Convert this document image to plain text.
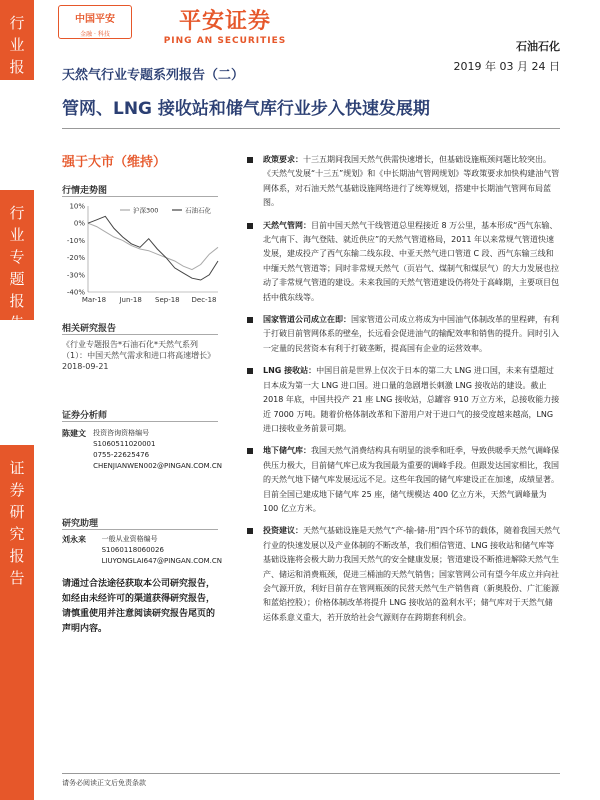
行
业
报
告
行
业
专
题
报
告
证
券
研
究
报
告
中国平安
金融 · 科技
平安证券
PING AN SECURITIES	石油石化
2019 年 03 月 24 日
天然气行业专题系列报告（二）
管网、LNG 接收站和储气库行业步入快速发展期
强于大市（维持）
行情走势图
10%
0%
-10%
-20%
-30%
-40%
Mar-18 Jun-18 Sep-18 Dec-18
沪深300	石油石化
相关研究报告
《行业专题报告*石油石化*天然气系列（1）：中国天然气需求和进口将高速增长》 2018-09-21
证券分析师
陈建文	投资咨询资格编号
S1060511020001
0755-22625476
CHENJIANWEN002@PINGAN.COM.CN
研究助理
刘永来	一般从业资格编号
S1060118060026
LIUYONGLAI647@PINGAN.COM.CN
请通过合法途径获取本公司研究报告，如经由未经许可的渠道获得研究报告，请慎重使用并注意阅读研究报告尾页的声明内容。
政策要求：十三五期间我国天然气供需快速增长，但基础设施瓶颈问题比较突出。《天然气发展“十三五”规划》和《中长期油气管网规划》等政策要求加快构建油气管网体系，对石油天然气基础设施网络进行了统筹规划，搭建中长期油气管网布局蓝图。
天然气管网：目前中国天然气干线管道总里程接近 8 万公里，基本形成“西气东输、北气南下、海气登陆、就近供应”的天然气管道格局，2011 年以来常规气管道快速发展，建成投产了西气东输二线东段、中亚天然气进口管道 C 段、西气东输三线和中缅天然气管道等；同时非常规天然气（页岩气、煤制气和煤层气）的大力发展也拉动了非常规气管道的建设。未来我国的天然气管道建设仍将处于高峰期，主要项目包括中俄东线等。
国家管道公司成立在即：国家管道公司成立将成为中国油气体制改革的里程碑，有利于打破目前管网体系的壁垒，长远看会促进油气的输配效率和销售的提升。同时引入一定量的民营资本有利于打破垄断，提高国有企业的运营效率。
LNG 接收站：中国目前是世界上仅次于日本的第二大 LNG 进口国，未来有望超过日本成为第一大 LNG 进口国。进口量的急剧增长刺激 LNG 接收站的建设。截止 2018 年底，中国共投产 21 座 LNG 接收站，总罐容 910 万立方米，总接收能力接近 7000 万吨。随着价格体制改革和下游用户对于进口气的接受度越来越高，LNG 进口接收业务前景可期。
地下储气库：我国天然气消费结构具有明显的淡季和旺季，导致供暖季天然气调峰保供压力极大，目前储气库已成为我国最为重要的调峰手段。但跟发达国家相比，我国的天然气地下储气库发展远远不足。这些年我国的储气库建设正在加速，成绩显著。目前全国已建成地下储气库 25 座，储气规模达 400 亿立方米，天然气调峰量为 100 亿立方米。
投资建议：天然气基础设施是天然气“产-输-储-用”四个环节的载体，随着我国天然气行业的快速发展以及产业体制的不断改革，我们相信管道、LNG 接收站和储气库等基础设施将会极大助力我国天然气的安全健康发展；管道建设不断推进解除天然气生产、储运和消费瓶颈，促进三桶油的天然气销售；国家管网公司有望今年成立并向社会气源开放，利好目前存在管网瓶颈的民营天然气生产销售商（新奥股份、广汇能源和蓝焰控股）；价格体制改革将提升 LNG 接收站的盈利水平；储气库对于天然气储运体系意义重大，若开放给社会气源则存在跨期套利机会。
请务必阅读正文后免责条款
